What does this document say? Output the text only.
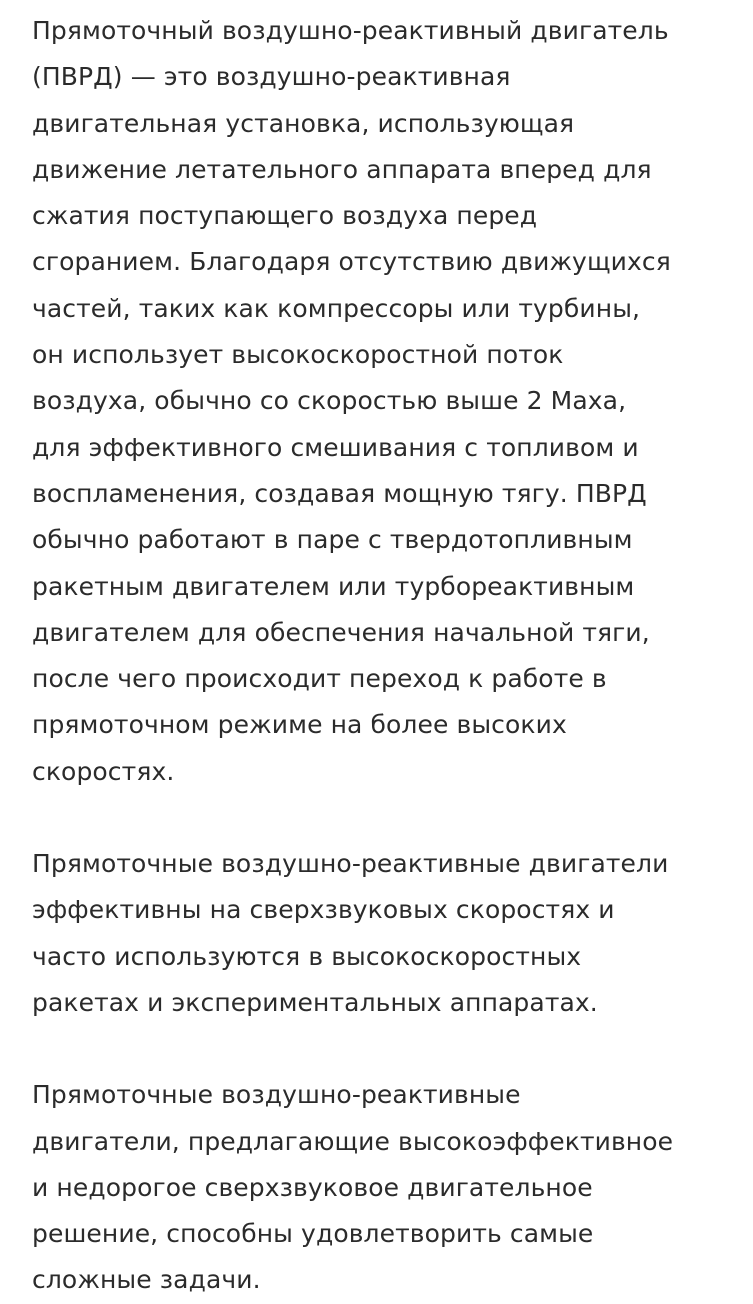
Прямоточный воздушно-реактивный двигатель
(ПВРД) — это воздушно-реактивная
двигательная установка, использующая
движение летательного аппарата вперед для
сжатия поступающего воздуха перед
сгоранием. Благодаря отсутствию движущихся
частей, таких как компрессоры или турбины,
он использует высокоскоростной поток
воздуха, обычно со скоростью выше 2 Маха,
для эффективного смешивания с топливом и
воспламенения, создавая мощную тягу. ПВРД
обычно работают в паре с твердотопливным
ракетным двигателем или турбореактивным
двигателем для обеспечения начальной тяги,
после чего происходит переход к работе в
прямоточном режиме на более высоких
скоростях.

Прямоточные воздушно-реактивные двигатели
эффективны на сверхзвуковых скоростях и
часто используются в высокоскоростных
ракетах и экспериментальных аппаратах.

Прямоточные воздушно-реактивные
двигатели, предлагающие высокоэффективное
и недорогое сверхзвуковое двигательное
решение, способны удовлетворить самые
сложные задачи.
